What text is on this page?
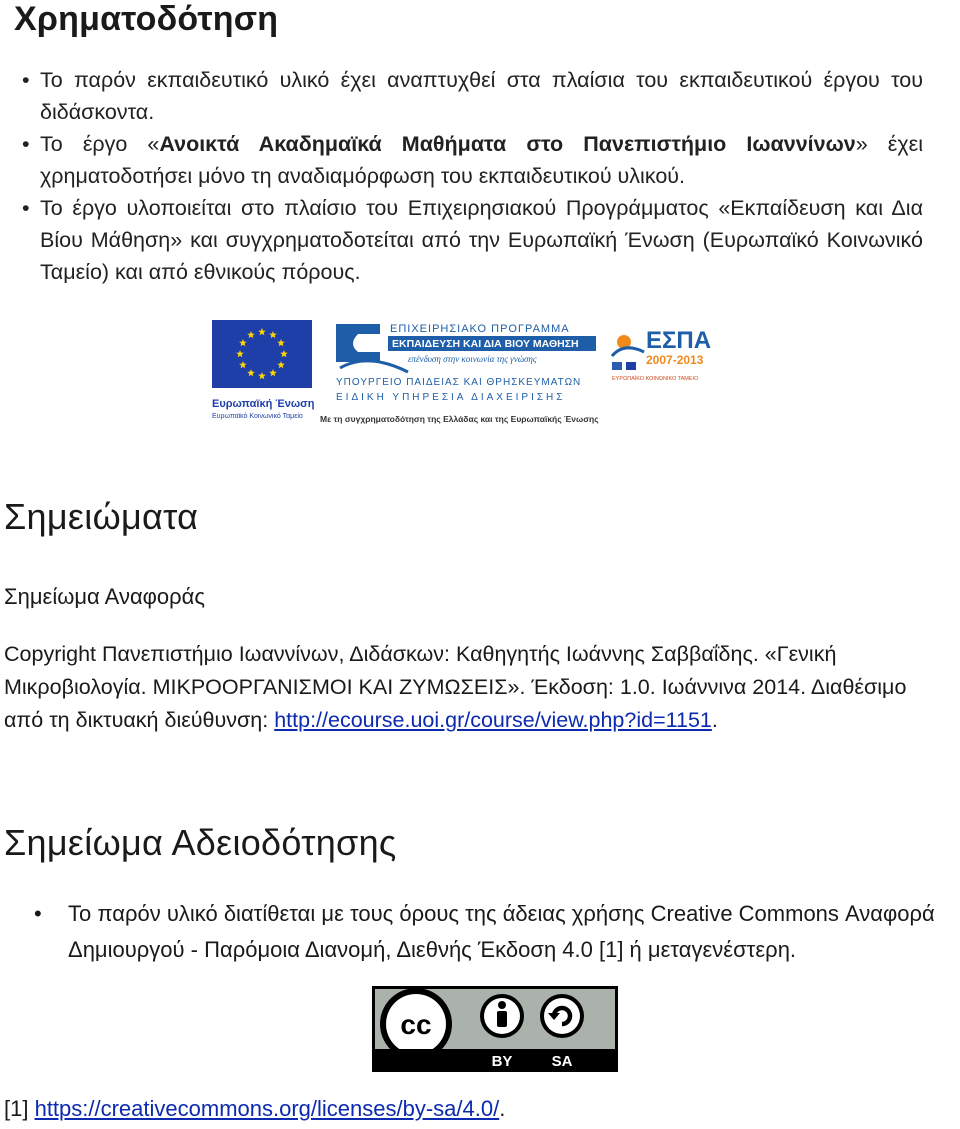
Χρηματοδότηση
• Το παρόν εκπαιδευτικό υλικό έχει αναπτυχθεί στα πλαίσια του εκπαιδευτικού έργου του διδάσκοντα.
• Το έργο «Ανοικτά Ακαδημαϊκά Μαθήματα στο Πανεπιστήμιο Ιωαννίνων» έχει χρηματοδοτήσει μόνο τη αναδιαμόρφωση του εκπαιδευτικού υλικού.
• Το έργο υλοποιείται στο πλαίσιο του Επιχειρησιακού Προγράμματος «Εκπαίδευση και Δια Βίου Μάθηση» και συγχρηματοδοτείται από την Ευρωπαϊκή Ένωση (Ευρωπαϊκό Κοινωνικό Ταμείο) και από εθνικούς πόρους.
Ευρωπαϊκή Ένωση
Ευρωπαϊκό Κοινωνικό Ταμείο
ΕΠΙΧΕΙΡΗΣΙΑΚΟ ΠΡΟΓΡΑΜΜΑ
ΕΚΠΑΙΔΕΥΣΗ ΚΑΙ ΔΙΑ ΒΙΟΥ ΜΑΘΗΣΗ
επένδυση στην κοινωνία της γνώσης
ΥΠΟΥΡΓΕΙΟ ΠΑΙΔΕΙΑΣ ΚΑΙ ΘΡΗΣΚΕΥΜΑΤΩΝ
ΕΙΔΙΚΗ ΥΠΗΡΕΣΙΑ ΔΙΑΧΕΙΡΙΣΗΣ
Με τη συγχρηματοδότηση της Ελλάδας και της Ευρωπαϊκής Ένωσης
ΕΣΠΑ
2007-2013
ΕΥΡΩΠΑΪΚΟ ΚΟΙΝΩΝΙΚΟ ΤΑΜΕΙΟ
Σημειώματα

Σημείωμα Αναφοράς

Copyright Πανεπιστήμιο Ιωαννίνων, Διδάσκων: Καθηγητής Ιωάννης Σαββαΐδης. «Γενική Μικροβιολογία. ΜΙΚΡΟΟΡΓΑΝΙΣΜΟΙ ΚΑΙ ΖΥΜΩΣΕΙΣ». Έκδοση: 1.0. Ιωάννινα 2014. Διαθέσιμο από τη δικτυακή διεύθυνση: http://ecourse.uoi.gr/course/view.php?id=1151.

Σημείωμα Αδειοδότησης
• Το παρόν υλικό διατίθεται με τους όρους της άδειας χρήσης Creative Commons Αναφορά Δημιουργού - Παρόμοια Διανομή, Διεθνής Έκδοση 4.0 [1] ή μεταγενέστερη.
cc
BY	SA

[1] https://creativecommons.org/licenses/by-sa/4.0/.
